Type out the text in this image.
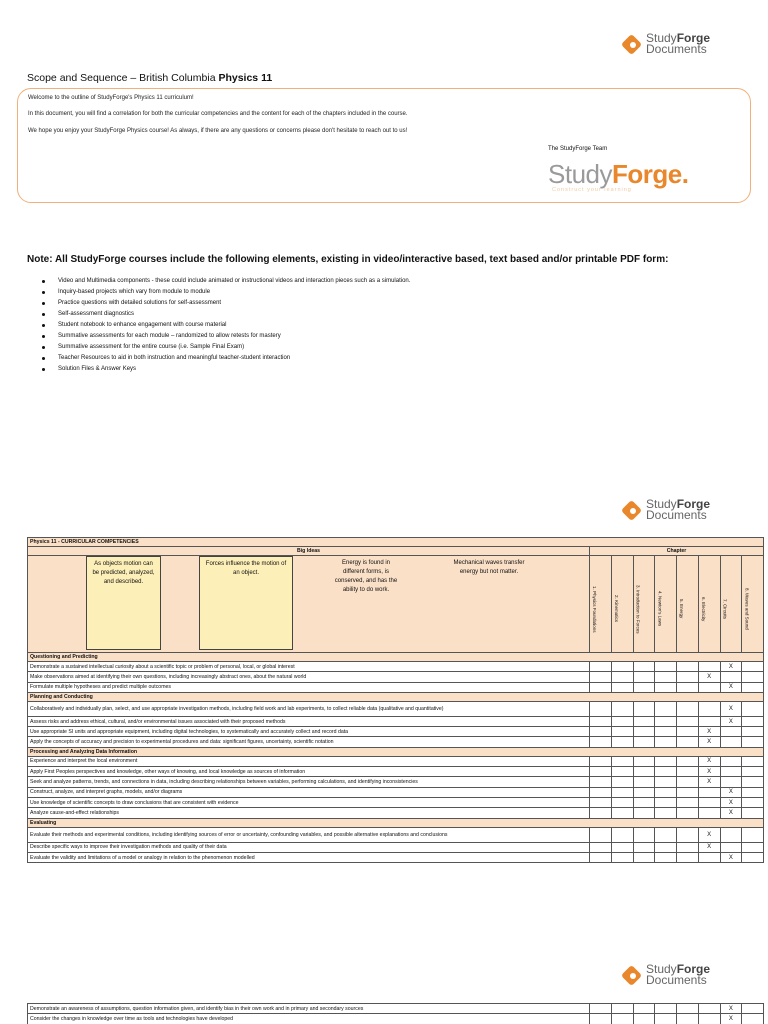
StudyForge
Documents
StudyForge
Documents
StudyForge
Documents
Scope and Sequence – British Columbia Physics 11

Welcome to the outline of StudyForge's Physics 11 curriculum!

In this document, you will find a correlation for both the curricular competencies and the content for each of the chapters included in the course.

We hope you enjoy your StudyForge Physics course! As always, if there are any questions or concerns please don't hesitate to reach out to us!

The StudyForge Team
StudyForge.
Construct your learning
Note: All StudyForge courses include the following elements, existing in video/interactive based, text based and/or printable PDF form:
Video and Multimedia components - these could include animated or instructional videos and interaction pieces such as a simulation.
Inquiry-based projects which vary from module to module
Practice questions with detailed solutions for self-assessment
Self-assessment diagnostics
Student notebook to enhance engagement with course material
Summative assessments for each module – randomized to allow retests for mastery
Summative assessment for the entire course (i.e. Sample Final Exam)
Teacher Resources to aid in both instruction and meaningful teacher-student interaction
Solution Files & Answer Keys
Physics 11 - CURRICULAR COMPETENCIES								
Big Ideas	Chapter							

As objects motion can be predicted, analyzed, and described.
Forces influence the motion of an object.
Energy is found in different forms, is conserved, and has the ability to do work.
Mechanical waves transfer energy but not matter.	1. Physics Foundations	2. Kinematics	3. Introduction to Forces	4. Newton's Laws	5. Energy	6. Electricity	7. Circuits	8. Waves and Sound

Questioning and Predicting								
Demonstrate a sustained intellectual curiosity about a scientific topic or problem of personal, local, or global interest							X	
Make observations aimed at identifying their own questions, including increasingly abstract ones, about the natural world						X		
Formulate multiple hypotheses and predict multiple outcomes							X	
Planning and Conducting								
Collaboratively and individually plan, select, and use appropriate investigation methods, including field work and lab experiments, to collect reliable data (qualitative and quantitative)							X	
Assess risks and address ethical, cultural, and/or environmental issues associated with their proposed methods							X	
Use appropriate SI units and appropriate equipment, including digital technologies, to systematically and accurately collect and record data						X		
Apply the concepts of accuracy and precision to experimental procedures and data: significant figures, uncertainty, scientific notation						X		
Processing and Analyzing Data Information								
Experience and interpret the local environment						X		
Apply First Peoples perspectives and knowledge, other ways of knowing, and local knowledge as sources of information						X		
Seek and analyze patterns, trends, and connections in data, including describing relationships between variables, performing calculations, and identifying inconsistencies						X		
Construct, analyze, and interpret graphs, models, and/or diagrams							X	
Use knowledge of scientific concepts to draw conclusions that are consistent with evidence							X	
Analyze cause-and-effect relationships							X	
Evaluating								
Evaluate their methods and experimental conditions, including identifying sources of error or uncertainty, confounding variables, and possible alternative explanations and conclusions						X		
Describe specific ways to improve their investigation methods and quality of their data						X		
Evaluate the validity and limitations of a model or analogy in relation to the phenomenon modelled							X	
Demonstrate an awareness of assumptions, question information given, and identify bias in their own work and in primary and secondary sources							X	
Consider the changes in knowledge over time as tools and technologies have developed							X	
